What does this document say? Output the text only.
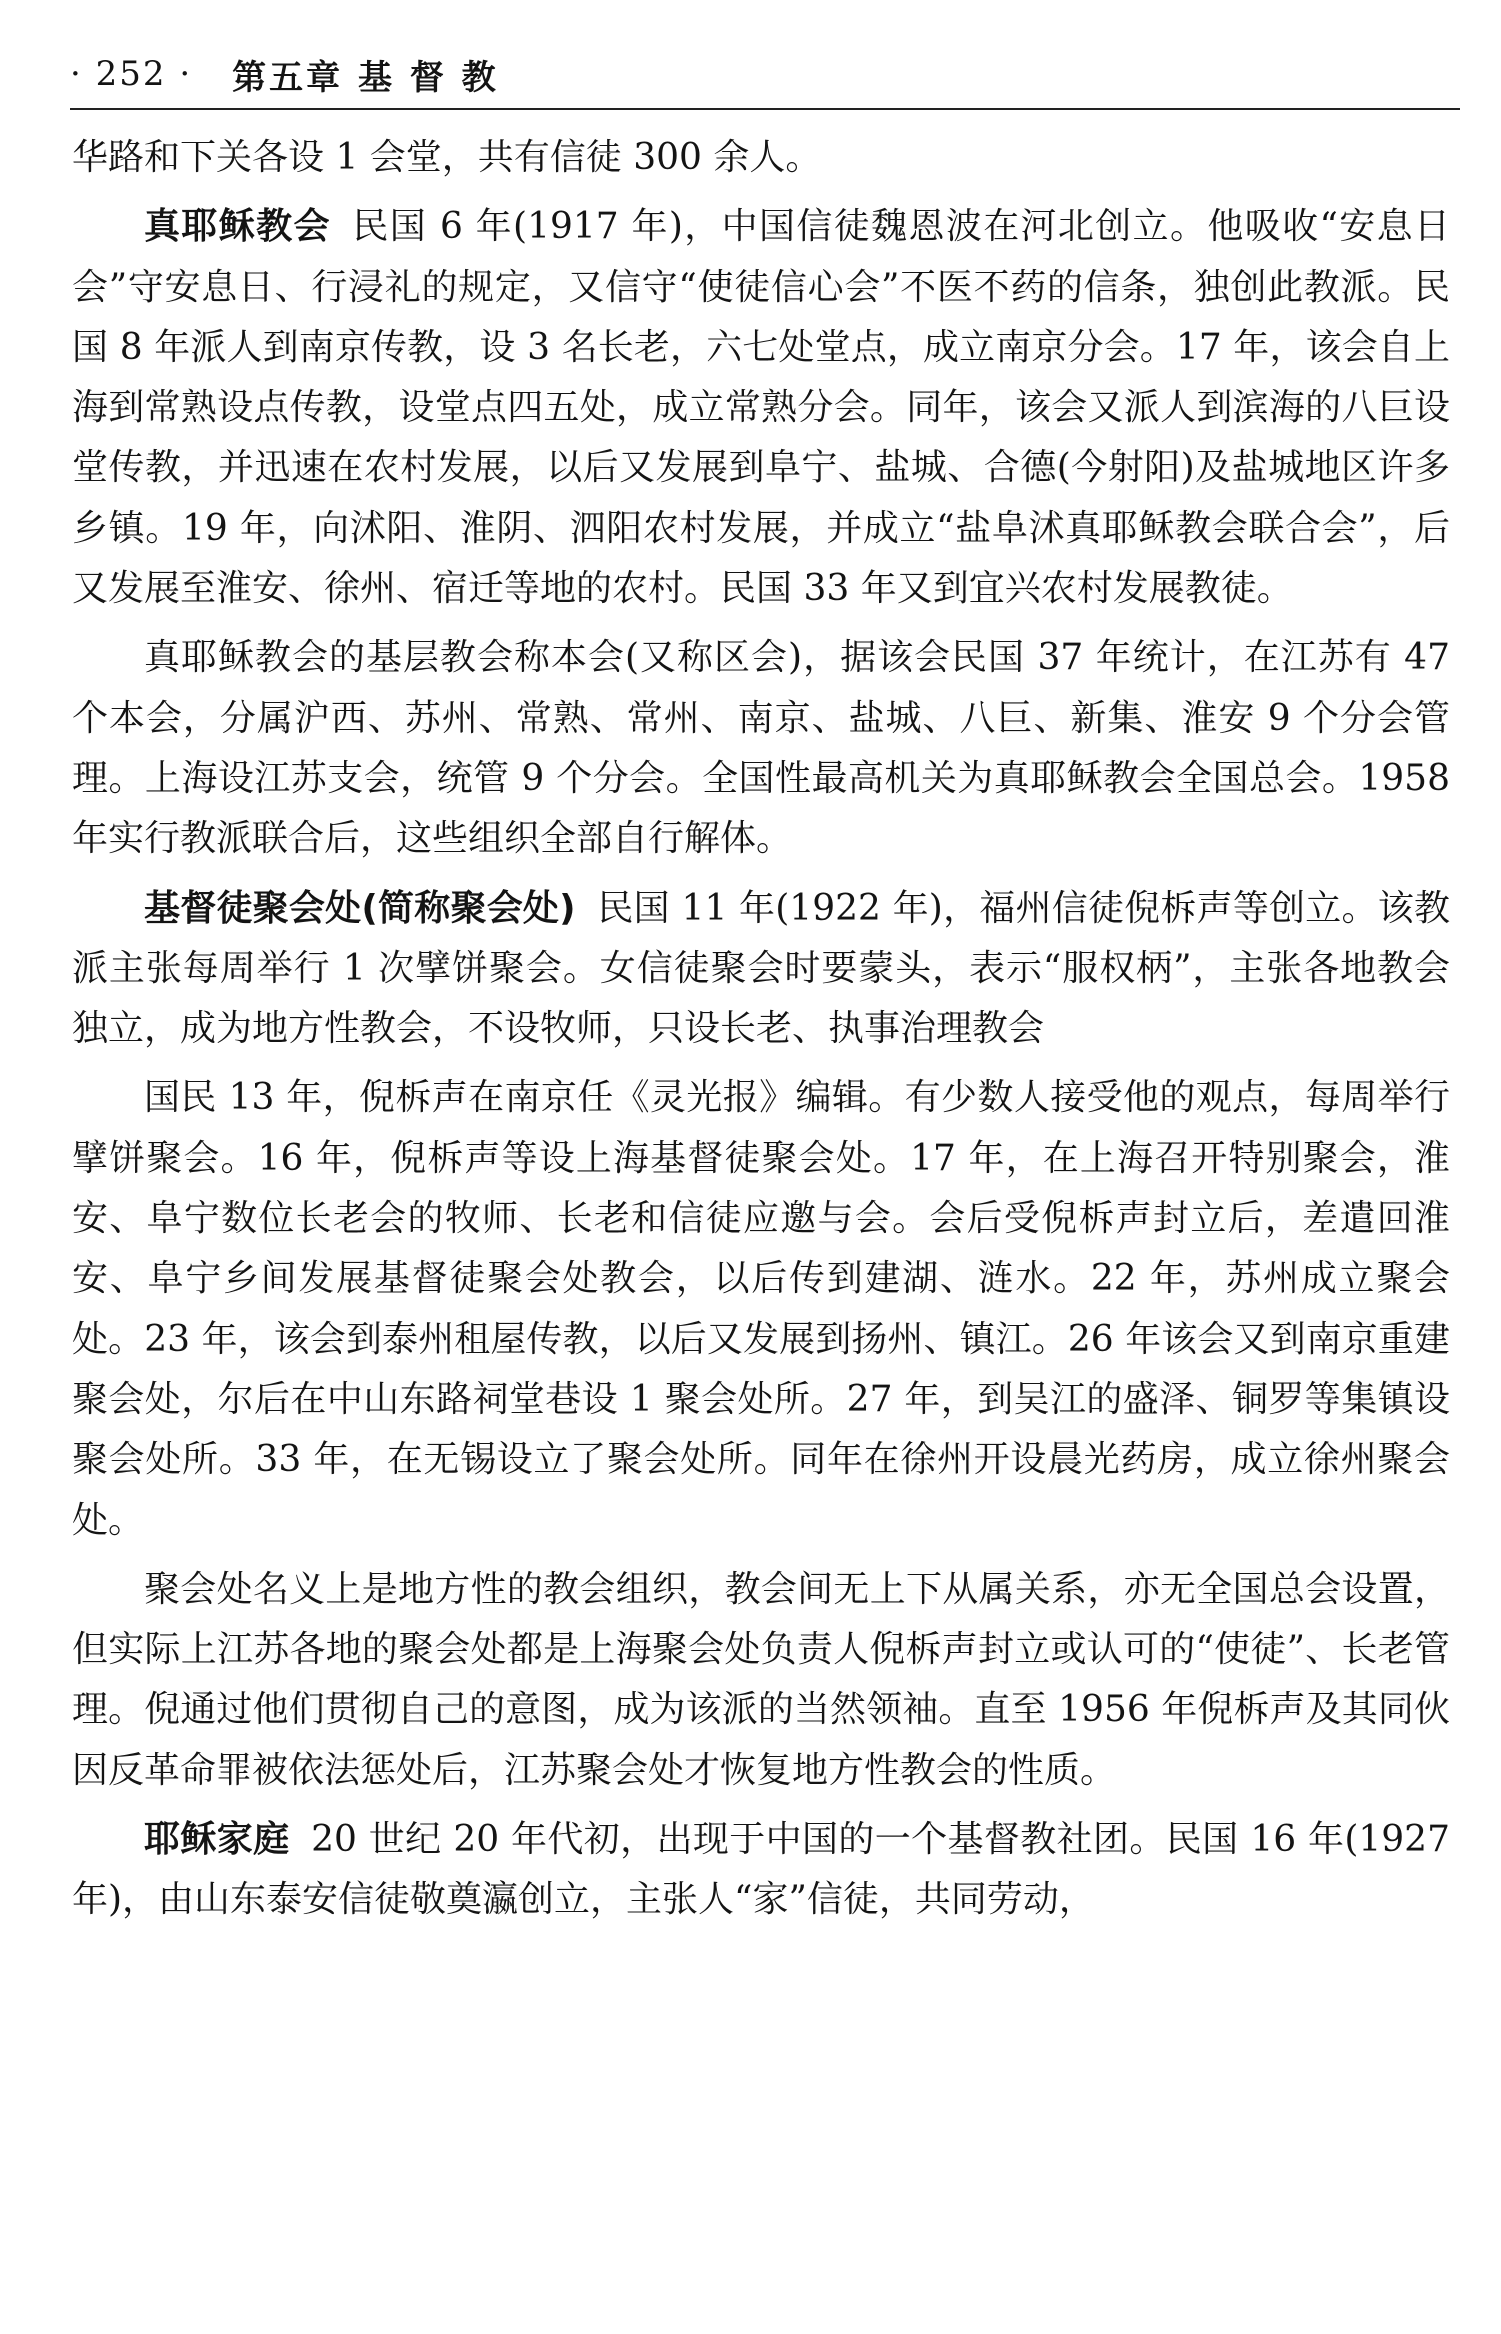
· 252 · 第五章 基 督 教

华路和下关各设 1 会堂，共有信徒 300 余人。

真耶稣教会 民国 6 年(1917 年)，中国信徒魏恩波在河北创立。他吸收“安息日会”守安息日、行浸礼的规定，又信守“使徒信心会”不医不药的信条，独创此教派。民国 8 年派人到南京传教，设 3 名长老，六七处堂点，成立南京分会。17 年，该会自上海到常熟设点传教，设堂点四五处，成立常熟分会。同年，该会又派人到滨海的八巨设堂传教，并迅速在农村发展，以后又发展到阜宁、盐城、合德(今射阳)及盐城地区许多乡镇。19 年，向沭阳、淮阴、泗阳农村发展，并成立“盐阜沭真耶稣教会联合会”，后又发展至淮安、徐州、宿迁等地的农村。民国 33 年又到宜兴农村发展教徒。

真耶稣教会的基层教会称本会(又称区会)，据该会民国 37 年统计，在江苏有 47 个本会，分属沪西、苏州、常熟、常州、南京、盐城、八巨、新集、淮安 9 个分会管理。上海设江苏支会，统管 9 个分会。全国性最高机关为真耶稣教会全国总会。1958 年实行教派联合后，这些组织全部自行解体。

基督徒聚会处(简称聚会处) 民国 11 年(1922 年)，福州信徒倪柝声等创立。该教派主张每周举行 1 次擘饼聚会。女信徒聚会时要蒙头，表示“服权柄”，主张各地教会独立，成为地方性教会，不设牧师，只设长老、执事治理教会

国民 13 年，倪柝声在南京任《灵光报》编辑。有少数人接受他的观点，每周举行擘饼聚会。16 年，倪柝声等设上海基督徒聚会处。17 年，在上海召开特别聚会，淮安、阜宁数位长老会的牧师、长老和信徒应邀与会。会后受倪柝声封立后，差遣回淮安、阜宁乡间发展基督徒聚会处教会，以后传到建湖、涟水。22 年，苏州成立聚会处。23 年，该会到泰州租屋传教，以后又发展到扬州、镇江。26 年该会又到南京重建聚会处，尔后在中山东路祠堂巷设 1 聚会处所。27 年，到吴江的盛泽、铜罗等集镇设聚会处所。33 年，在无锡设立了聚会处所。同年在徐州开设晨光药房，成立徐州聚会处。

聚会处名义上是地方性的教会组织，教会间无上下从属关系，亦无全国总会设置，但实际上江苏各地的聚会处都是上海聚会处负责人倪柝声封立或认可的“使徒”、长老管理。倪通过他们贯彻自己的意图，成为该派的当然领袖。直至 1956 年倪柝声及其同伙因反革命罪被依法惩处后，江苏聚会处才恢复地方性教会的性质。

耶稣家庭 20 世纪 20 年代初，出现于中国的一个基督教社团。民国 16 年(1927 年)，由山东泰安信徒敬奠瀛创立，主张人“家”信徒，共同劳动，
